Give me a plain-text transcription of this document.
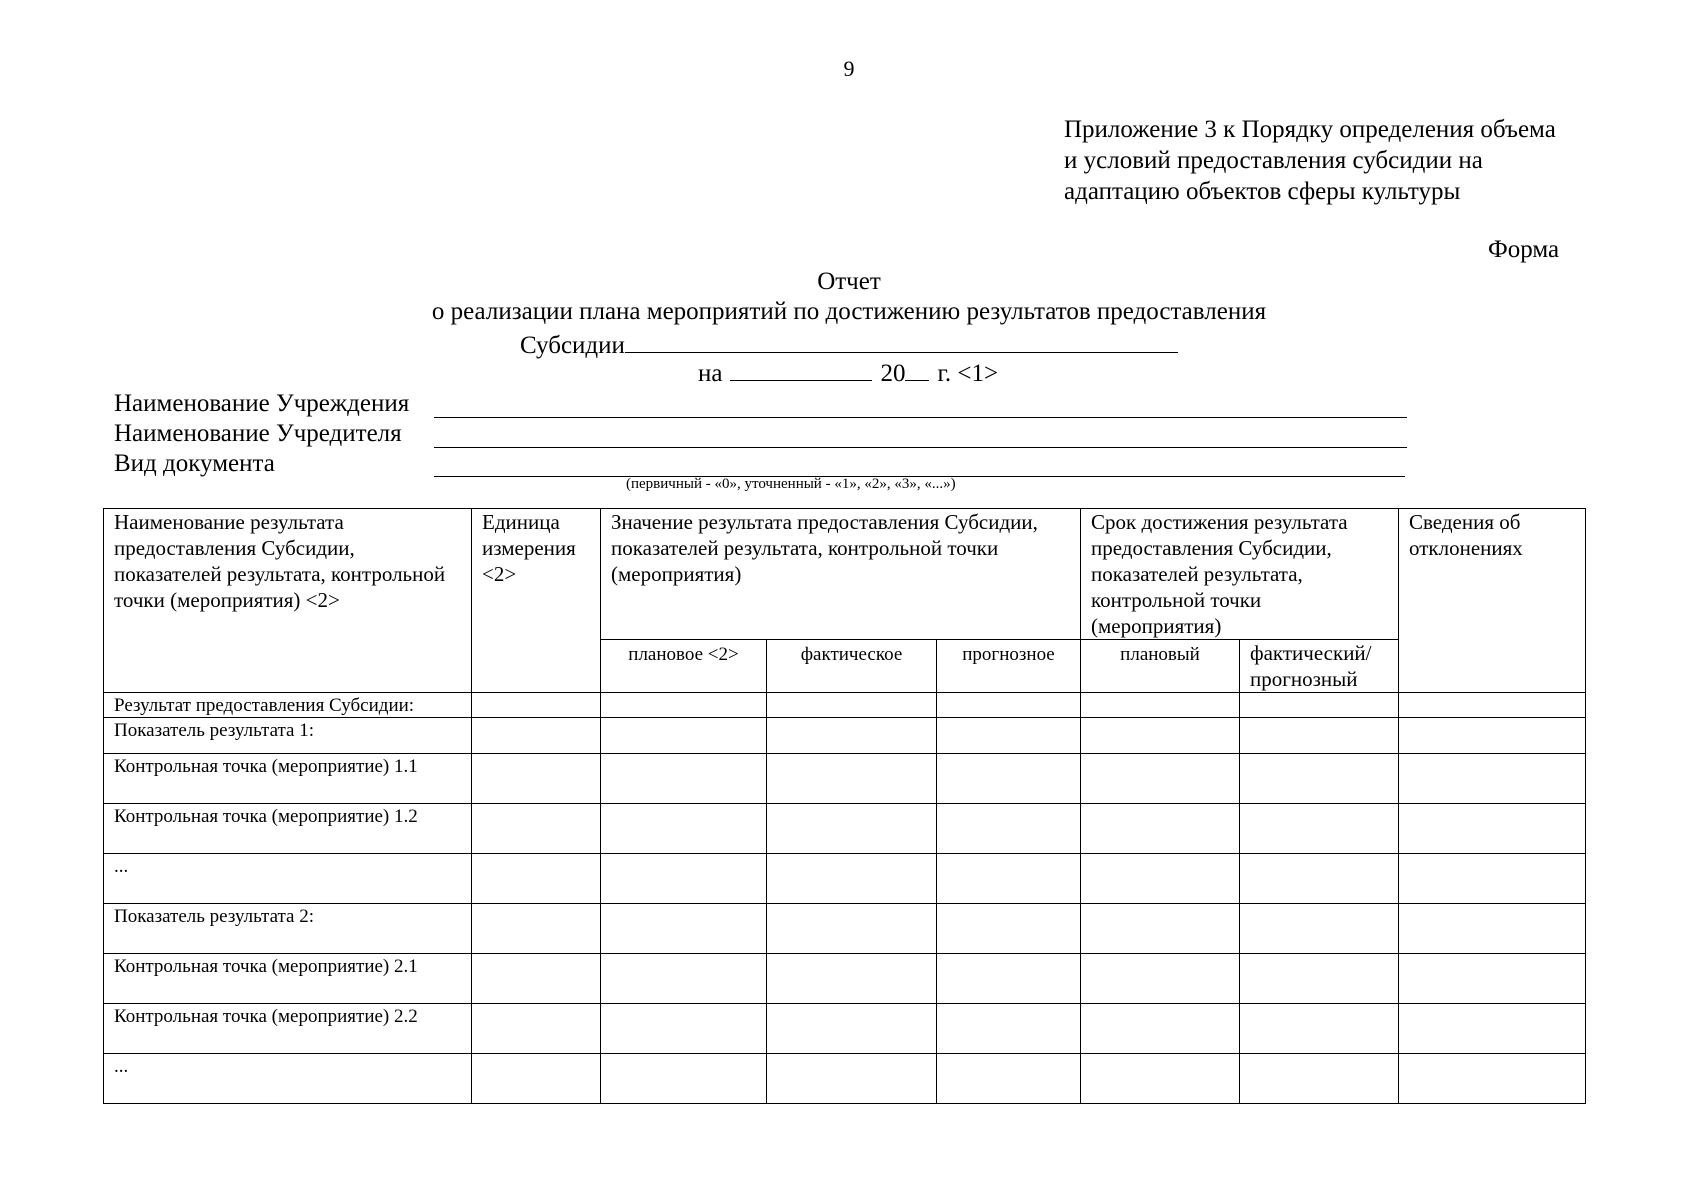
9
Приложение 3 к Порядку определения объема
и условий предоставления субсидии на
адаптацию объектов сферы культуры
Форма
Отчет
о реализации плана мероприятий по достижению результатов предоставления
Субсидии
на	20 г. <1>
Наименование Учреждения
Наименование Учредителя
Вид документа
(первичный - «0», уточненный - «1», «2», «3», «...»)
Наименование результата предоставления Субсидии, показателей результата, контрольной точки (мероприятия) <2>	Единица измерения <2>	Значение результата предоставления Субсидии, показателей результата, контрольной точки (мероприятия)			Срок достижения результата предоставления Субсидии, показателей результата, контрольной точки (мероприятия)		Сведения об отклонениях
		плановое <2>	фактическое	прогнозное	плановый	фактический/ прогнозный	
Результат предоставления Субсидии:							
Показатель результата 1:							
Контрольная точка (мероприятие) 1.1							
Контрольная точка (мероприятие) 1.2							
...							
Показатель результата 2:							
Контрольная точка (мероприятие) 2.1							
Контрольная точка (мероприятие) 2.2							
...							
